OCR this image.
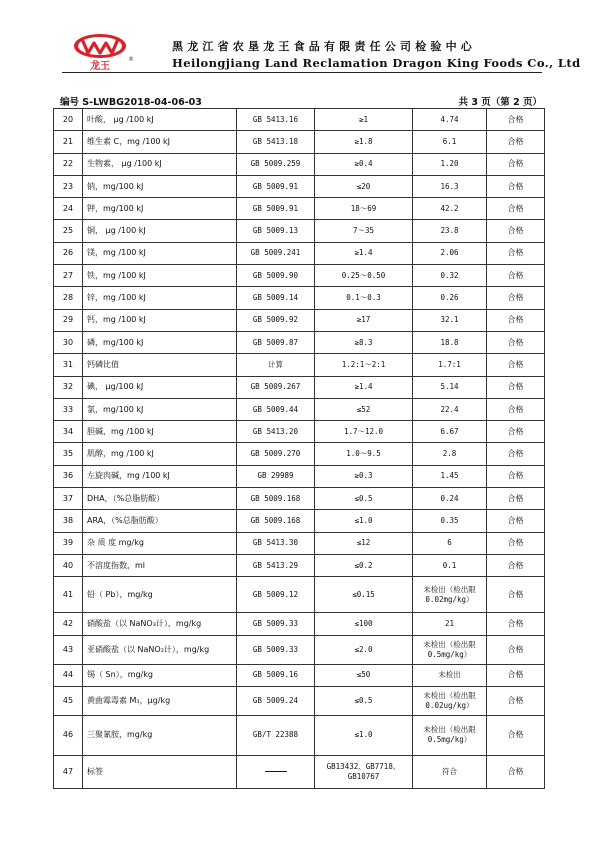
龙王
®
黑龙江省农垦龙王食品有限责任公司检验中心
Heilongjiang Land Reclamation Dragon King Foods Co., Ltd
编号 S-LWBG2018-04-06-03	共 3 页（第 2 页）
20	叶酸， μg /100 kJ	GB 5413.16	≥1	4.74	合格
21	维生素 C，mg /100 kJ	GB 5413.18	≥1.8	6.1	合格
22	生物素， μg /100 kJ	GB 5009.259	≥0.4	1.20	合格
23	钠，mg/100 kJ	GB 5009.91	≤20	16.3	合格
24	钾，mg/100 kJ	GB 5009.91	18～69	42.2	合格
25	铜， μg /100 kJ	GB 5009.13	7～35	23.8	合格
26	镁，mg /100 kJ	GB 5009.241	≥1.4	2.06	合格
27	铁，mg /100 kJ	GB 5009.90	0.25～0.50	0.32	合格
28	锌，mg /100 kJ	GB 5009.14	0.1～0.3	0.26	合格
29	钙，mg /100 kJ	GB 5009.92	≥17	32.1	合格
30	磷，mg/100 kJ	GB 5009.87	≥8.3	18.8	合格
31	钙磷比值	计算	1.2:1～2:1	1.7:1	合格
32	碘， μg/100 kJ	GB 5009.267	≥1.4	5.14	合格
33	氯，mg/100 kJ	GB 5009.44	≤52	22.4	合格
34	胆碱，mg /100 kJ	GB 5413.20	1.7～12.0	6.67	合格
35	肌醇，mg /100 kJ	GB 5009.270	1.0～9.5	2.8	合格
36	左旋肉碱，mg /100 kJ	GB 29989	≥0.3	1.45	合格
37	DHA，（%总脂肪酸）	GB 5009.168	≤0.5	0.24	合格
38	ARA，（%总脂肪酸）	GB 5009.168	≤1.0	0.35	合格
39	杂 质 度 mg/kg	GB 5413.30	≤12	6	合格
40	不溶度指数，ml	GB 5413.29	≤0.2	0.1	合格
41	铅（ Pb），mg/kg	GB 5009.12	≤0.15	未检出（检出限 0.02mg/kg）	合格
42	硝酸盐（以 NaNO₃计），mg/kg	GB 5009.33	≤100	21	合格
43	亚硝酸盐（以 NaNO₂计），mg/kg	GB 5009.33	≤2.0	未检出（检出限 0.5mg/kg）	合格
44	锡（ Sn），mg/kg	GB 5009.16	≤50	未检出	合格
45	黄曲霉毒素 M₁，μg/kg	GB 5009.24	≤0.5	未检出（检出限 0.02ug/kg）	合格
46	三聚氰胺，mg/kg	GB/T 22388	≤1.0	未检出（检出限 0.5mg/kg）	合格
47	标签		GB13432、GB7718、GB10767	符合	合格
